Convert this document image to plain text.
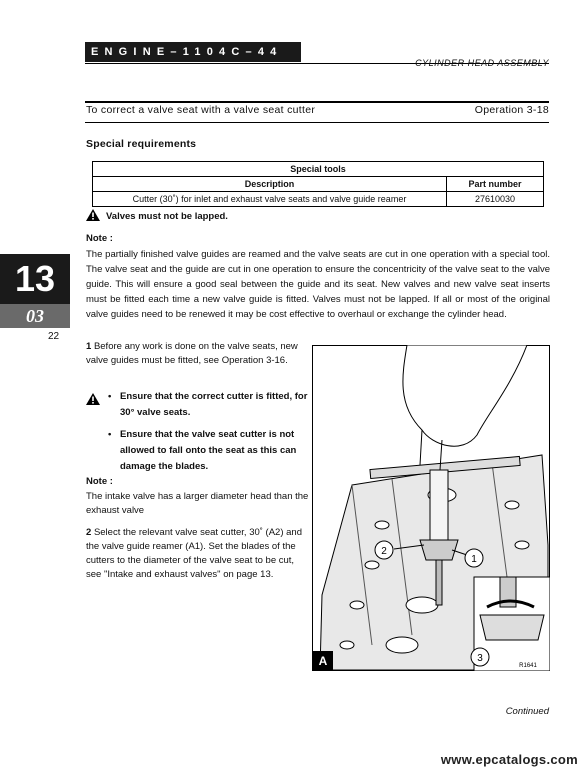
ENGINE–1104C–44
CYLINDER HEAD ASSEMBLY
To correct a valve seat with a valve seat cutter	Operation 3-18
Special requirements
Special tools	
Description	Part number
Cutter (30˚) for inlet and exhaust valve seats and valve guide reamer	27610030
Valves must not be lapped.
Note :
The partially finished valve guides are reamed and the valve seats are cut in one operation with a special tool. The valve seat and the guide are cut in one operation to ensure the concentricity of the valve seat to the valve guide. This will ensure a good seal between the guide and its seat. New valves and new valve seat inserts must be fitted each time a new valve guide is fitted. Valves must not be lapped. If all or most of the original valve guides need to be renewed it may be cost effective to overhaul or exchange the cylinder head.
13
03
22
1 Before any work is done on the valve seats, new valve guides must be fitted, see Operation 3-16.
• Ensure that the correct cutter is fitted, for 30° valve seats.
• Ensure that the valve seat cutter is not allowed to fall onto the seat as this can damage the blades.
Note :
The intake valve has a larger diameter head than the exhaust valve
2 Select the relevant valve seat cutter, 30˚ (A2) and the valve guide reamer (A1). Set the blades of the cutters to the diameter of the valve seat to be cut, see "Intake and exhaust valves" on page 13.
2
1
3
R1641
A
Continued
www.epcatalogs.com
